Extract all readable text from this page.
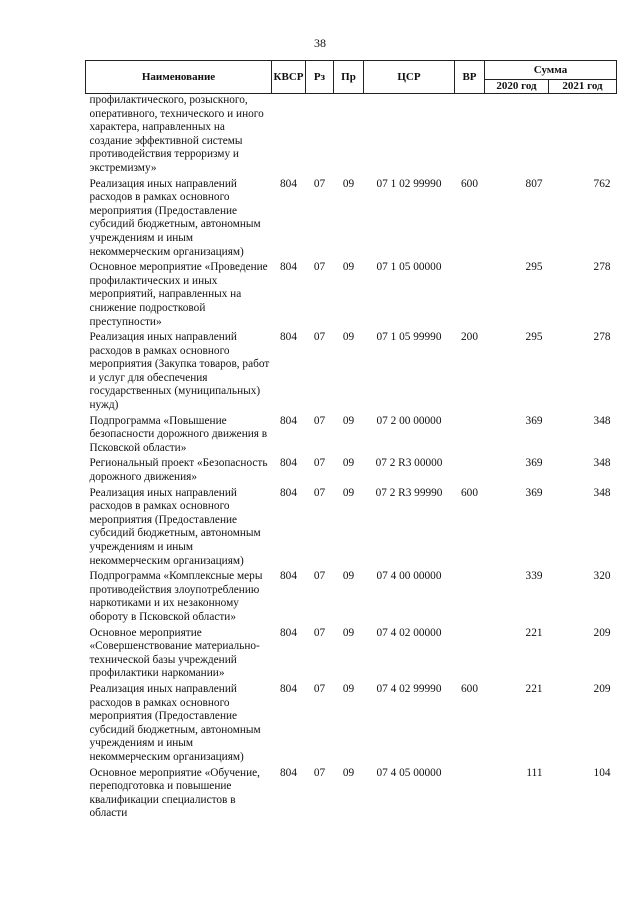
38
Наименование	КВСР	Рз	Пр	ЦСР	ВР	Сумма	
						2020 год	2021 год
профилактического, розыскного, оперативного, технического и иного характера, направленных на создание эффективной системы противодействия терроризму и экстремизму»							
Реализация иных направлений расходов в рамках основного мероприятия (Предоставление субсидий бюджетным, автономным учреждениям и иным некоммерческим организациям)	804	07	09	07 1 02 99990	600	807	762
Основное мероприятие «Проведение профилактических и иных мероприятий, направленных на снижение подростковой преступности»	804	07	09	07 1 05 00000		295	278
Реализация иных направлений расходов в рамках основного мероприятия (Закупка товаров, работ и услуг для обеспечения государственных (муниципальных) нужд)	804	07	09	07 1 05 99990	200	295	278
Подпрограмма «Повышение безопасности дорожного движения в Псковской области»	804	07	09	07 2 00 00000		369	348
Региональный проект «Безопасность дорожного движения»	804	07	09	07 2 R3 00000		369	348
Реализация иных направлений расходов в рамках основного мероприятия (Предоставление субсидий бюджетным, автономным учреждениям и иным некоммерческим организациям)	804	07	09	07 2 R3 99990	600	369	348
Подпрограмма «Комплексные меры противодействия злоупотреблению наркотиками и их незаконному обороту в Псковской области»	804	07	09	07 4 00 00000		339	320
Основное мероприятие «Совершенствование материально-технической базы учреждений профилактики наркомании»	804	07	09	07 4 02 00000		221	209
Реализация иных направлений расходов в рамках основного мероприятия (Предоставление субсидий бюджетным, автономным учреждениям и иным некоммерческим организациям)	804	07	09	07 4 02 99990	600	221	209
Основное мероприятие «Обучение, переподготовка и повышение квалификации специалистов в области	804	07	09	07 4 05 00000		111	104
